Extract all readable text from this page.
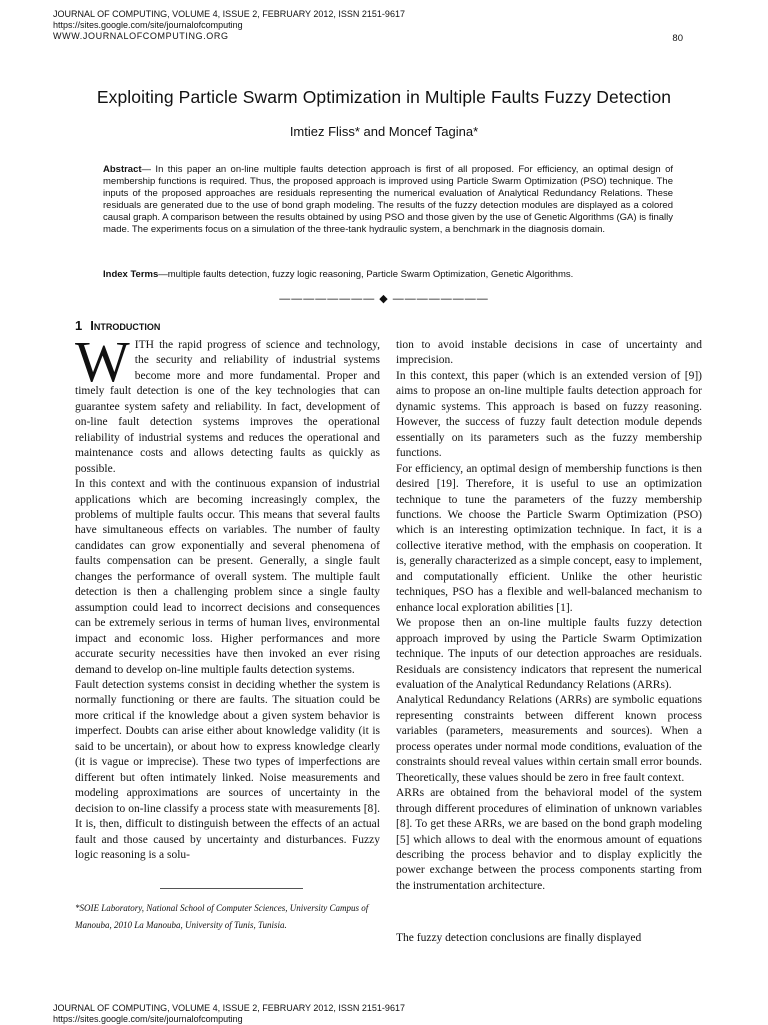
JOURNAL OF COMPUTING, VOLUME 4, ISSUE 2, FEBRUARY 2012, ISSN 2151-9617
https://sites.google.com/site/journalofcomputing
WWW.JOURNALOFCOMPUTING.ORG	80
Exploiting Particle Swarm Optimization in Multiple Faults Fuzzy Detection
Imtiez Fliss* and Moncef Tagina*
Abstract— In this paper an on-line multiple faults detection approach is first of all proposed. For efficiency, an optimal design of membership functions is required. Thus, the proposed approach is improved using Particle Swarm Optimization (PSO) technique. The inputs of the proposed approaches are residuals representing the numerical evaluation of Analytical Redundancy Relations. These residuals are generated due to the use of bond graph modeling. The results of the fuzzy detection modules are displayed as a colored causal graph. A comparison between the results obtained by using PSO and those given by the use of Genetic Algorithms (GA) is finally made. The experiments focus on a simulation of the three-tank hydraulic system, a benchmark in the diagnosis domain.
Index Terms—multiple faults detection, fuzzy logic reasoning, Particle Swarm Optimization, Genetic Algorithms.
———————— ◆ ————————
1 Introduction

WITH the rapid progress of science and technology, the security and reliability of industrial systems become more and more fundamental. Proper and timely fault detection is one of the key technologies that can guarantee system safety and reliability. In fact, development of on-line fault detection systems improves the operational reliability of industrial systems and reduces the operational and maintenance costs and allows detecting faults as quickly as possible.

In this context and with the continuous expansion of industrial applications which are becoming increasingly complex, the problems of multiple faults occur. This means that several faults have simultaneous effects on variables. The number of faulty candidates can grow exponentially and several phenomena of faults compensation can be present. Generally, a single fault changes the performance of overall system. The multiple fault detection is then a challenging problem since a single faulty assumption could lead to incorrect decisions and consequences can be extremely serious in terms of human lives, environmental impact and economic loss. Higher performances and more accurate security necessities have then invoked an ever rising demand to develop on-line multiple faults detection systems.

Fault detection systems consist in deciding whether the system is normally functioning or there are faults. The situation could be more critical if the knowledge about a given system behavior is imperfect. Doubts can arise either about knowledge validity (it is said to be uncertain), or about how to express knowledge clearly (it is vague or imprecise). These two types of imperfections are different but often intimately linked. Noise measurements and modeling approximations are sources of uncertainty in the decision to on-line classify a process state with measurements [8]. It is, then, difficult to distinguish between the effects of an actual fault and those caused by uncertainty and disturbances. Fuzzy logic reasoning is a solu-

tion to avoid instable decisions in case of uncertainty and imprecision.

In this context, this paper (which is an extended version of [9]) aims to propose an on-line multiple faults detection approach for dynamic systems. This approach is based on fuzzy reasoning. However, the success of fuzzy fault detection module depends essentially on its parameters such as the fuzzy membership functions.

For efficiency, an optimal design of membership functions is then desired [19]. Therefore, it is useful to use an optimization technique to tune the parameters of the fuzzy membership functions. We choose the Particle Swarm Optimization (PSO) which is an interesting optimization technique. In fact, it is a collective iterative method, with the emphasis on cooperation. It is, generally characterized as a simple concept, easy to implement, and computationally efficient. Unlike the other heuristic techniques, PSO has a flexible and well-balanced mechanism to enhance local exploration abilities [1].

We propose then an on-line multiple faults fuzzy detection approach improved by using the Particle Swarm Optimization technique. The inputs of our detection approaches are residuals. Residuals are consistency indicators that represent the numerical evaluation of the Analytical Redundancy Relations (ARRs).

Analytical Redundancy Relations (ARRs) are symbolic equations representing constraints between different known process variables (parameters, measurements and sources). When a process operates under normal mode conditions, evaluation of the constraints should reveal values within certain small error bounds. Theoretically, these values should be zero in free fault context.

ARRs are obtained from the behavioral model of the system through different procedures of elimination of unknown variables [8]. To get these ARRs, we are based on the bond graph modeling [5] which allows to deal with the enormous amount of equations describing the process behavior and to display explicitly the power exchange between the process components starting from the instrumentation architecture.

*SOIE Laboratory, National School of Computer Sciences, University Campus of Manouba, 2010 La Manouba, University of Tunis, Tunisia.
The fuzzy detection conclusions are finally displayed
JOURNAL OF COMPUTING, VOLUME 4, ISSUE 2, FEBRUARY 2012, ISSN 2151-9617
https://sites.google.com/site/journalofcomputing
